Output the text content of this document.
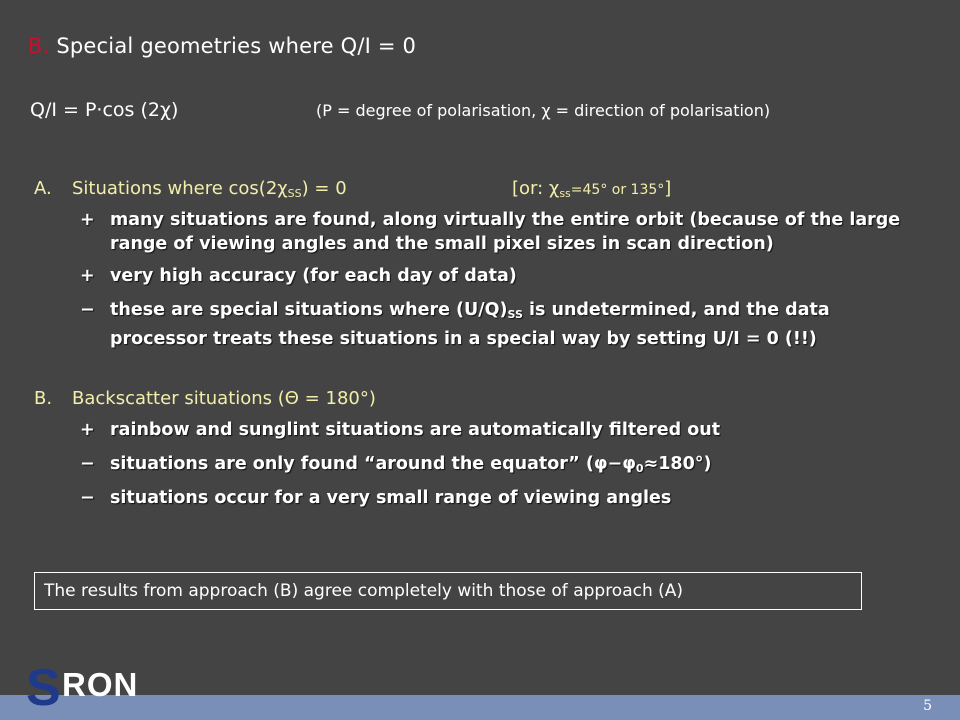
B. Special geometries where Q/I = 0
Q/I = P·cos (2χ)	(P = degree of polarisation, χ = direction of polarisation)
A. Situations where $\cos(2\chi_{SS}) = 0$	[or: $\chi_{ss}=45^\circ$ or 135°]
+ many situations are found, along virtually the entire orbit (because of the large range of viewing angles and the small pixel sizes in scan direction)
+ very high accuracy (for each day of data)
− these are special situations where $(U/Q)_{SS}$ is undetermined, and the data processor treats these situations in a special way by setting U/I = 0 (!!)
B. Backscatter situations (Θ = 180°)
+ rainbow and sunglint situations are automatically filtered out
− situations are only found “around the equator” $(\varphi-\varphi_0\approx 180^\circ)$
− situations occur for a very small range of viewing angles
The results from approach (B) agree completely with those of approach (A)
S RON
5
